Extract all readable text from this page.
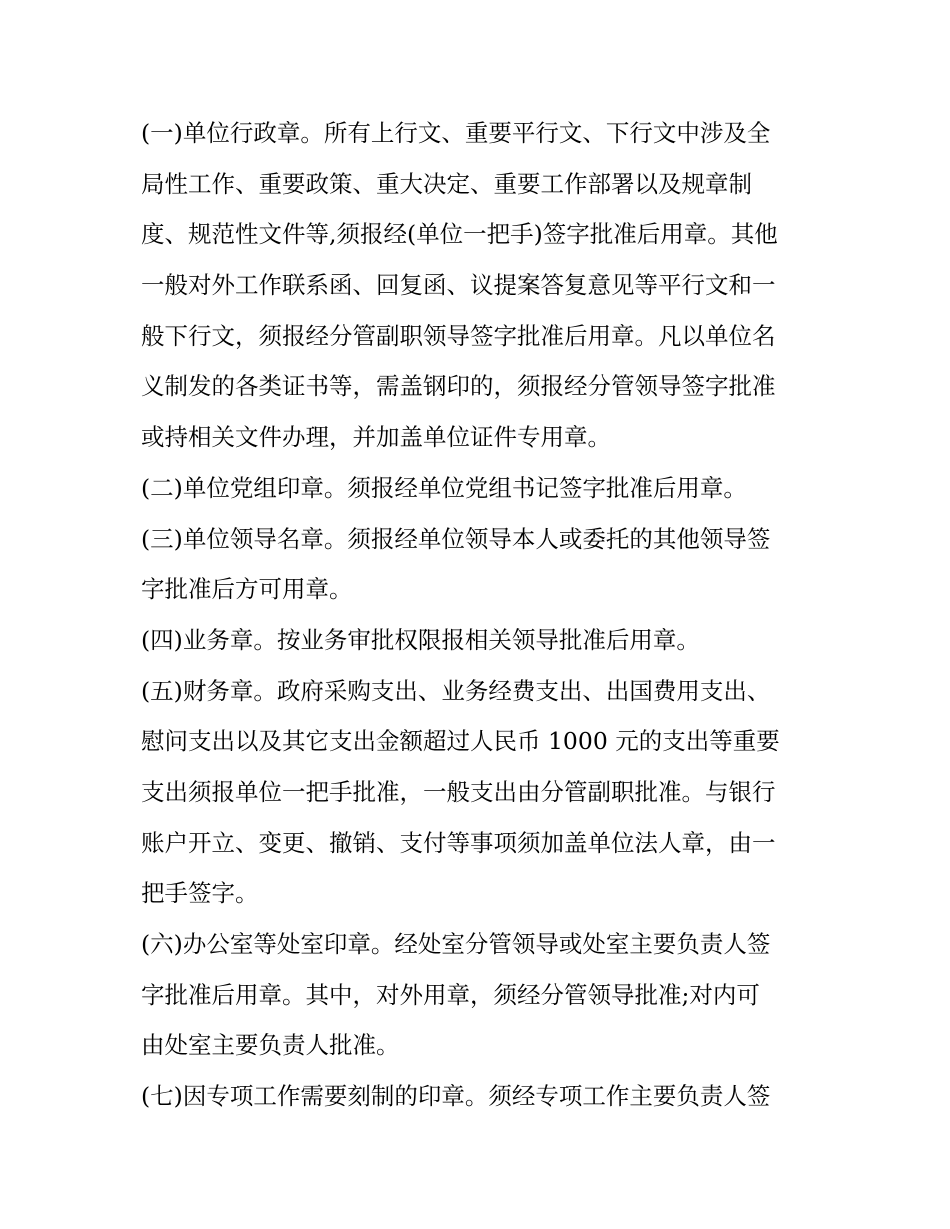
(一)单位行政章。所有上行文、重要平行文、下行文中涉及全
局性工作、重要政策、重大决定、重要工作部署以及规章制
度、规范性文件等,须报经(单位一把手)签字批准后用章。其他
一般对外工作联系函、回复函、议提案答复意见等平行文和一
般下行文，须报经分管副职领导签字批准后用章。凡以单位名
义制发的各类证书等，需盖钢印的，须报经分管领导签字批准
或持相关文件办理，并加盖单位证件专用章。
(二)单位党组印章。须报经单位党组书记签字批准后用章。
(三)单位领导名章。须报经单位领导本人或委托的其他领导签
字批准后方可用章。
(四)业务章。按业务审批权限报相关领导批准后用章。
(五)财务章。政府采购支出、业务经费支出、出国费用支出、
慰问支出以及其它支出金额超过人民币 1000 元的支出等重要
支出须报单位一把手批准，一般支出由分管副职批准。与银行
账户开立、变更、撤销、支付等事项须加盖单位法人章，由一
把手签字。
(六)办公室等处室印章。经处室分管领导或处室主要负责人签
字批准后用章。其中，对外用章，须经分管领导批准;对内可
由处室主要负责人批准。
(七)因专项工作需要刻制的印章。须经专项工作主要负责人签
